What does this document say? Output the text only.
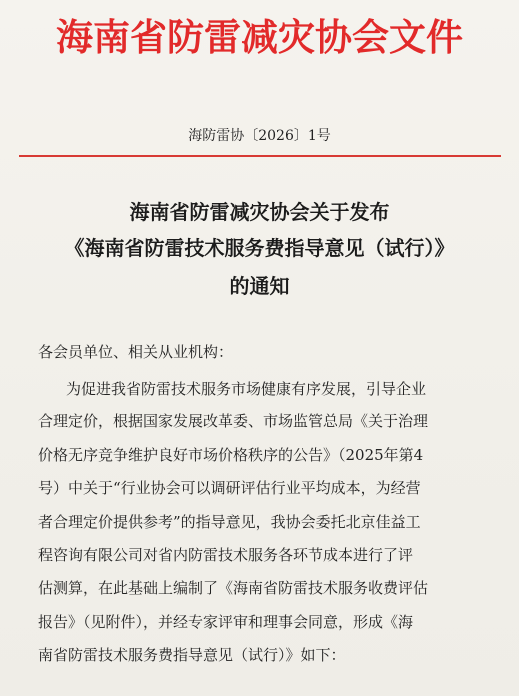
海南省防雷减灾协会文件
海防雷协〔2026〕1号
海南省防雷减灾协会关于发布
《海南省防雷技术服务费指导意见（试行）》
的通知
各会员单位、相关从业机构：
为促进我省防雷技术服务市场健康有序发展，引导企业
合理定价，根据国家发展改革委、市场监管总局《关于治理
价格无序竞争维护良好市场价格秩序的公告》（2025年第4
号）中关于“行业协会可以调研评估行业平均成本，为经营
者合理定价提供参考”的指导意见，我协会委托北京佳益工
程咨询有限公司对省内防雷技术服务各环节成本进行了评
估测算，在此基础上编制了《海南省防雷技术服务收费评估
报告》（见附件），并经专家评审和理事会同意，形成《海
南省防雷技术服务费指导意见（试行）》如下：
